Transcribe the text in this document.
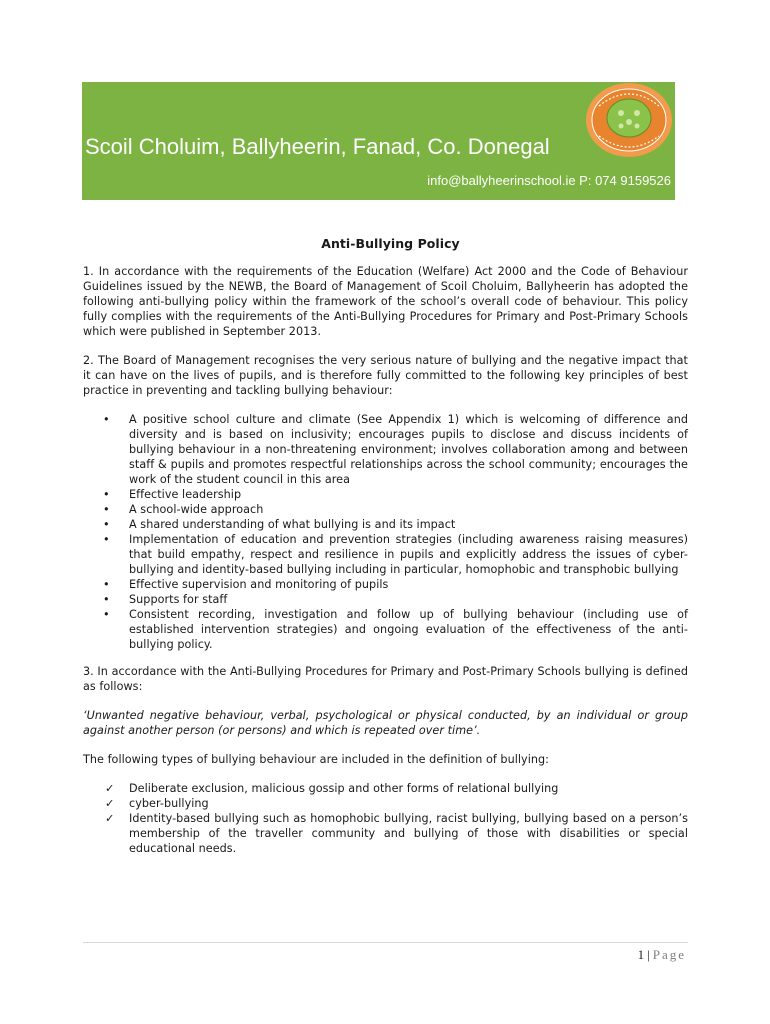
Scoil Choluim, Ballyheerin, Fanad, Co. Donegal
info@ballyheerinschool.ie P: 074 9159526
Anti-Bullying Policy

1. In accordance with the requirements of the Education (Welfare) Act 2000 and the Code of Behaviour Guidelines issued by the NEWB, the Board of Management of Scoil Choluim, Ballyheerin has adopted the following anti-bullying policy within the framework of the school’s overall code of behaviour. This policy fully complies with the requirements of the Anti-Bullying Procedures for Primary and Post-Primary Schools which were published in September 2013.

2. The Board of Management recognises the very serious nature of bullying and the negative impact that it can have on the lives of pupils, and is therefore fully committed to the following key principles of best practice in preventing and tackling bullying behaviour:

• A positive school culture and climate (See Appendix 1) which is welcoming of difference and diversity and is based on inclusivity; encourages pupils to disclose and discuss incidents of bullying behaviour in a non-threatening environment; involves collaboration among and between staff & pupils and promotes respectful relationships across the school community; encourages the work of the student council in this area
• Effective leadership
• A school-wide approach
• A shared understanding of what bullying is and its impact
• Implementation of education and prevention strategies (including awareness raising measures) that build empathy, respect and resilience in pupils and explicitly address the issues of cyber-bullying and identity-based bullying including in particular, homophobic and transphobic bullying
• Effective supervision and monitoring of pupils
• Supports for staff
• Consistent recording, investigation and follow up of bullying behaviour (including use of established intervention strategies) and ongoing evaluation of the effectiveness of the anti-bullying policy.

3. In accordance with the Anti-Bullying Procedures for Primary and Post-Primary Schools bullying is defined as follows:

‘Unwanted negative behaviour, verbal, psychological or physical conducted, by an individual or group against another person (or persons) and which is repeated over time’.

The following types of bullying behaviour are included in the definition of bullying:

✓ Deliberate exclusion, malicious gossip and other forms of relational bullying
✓ cyber-bullying
✓ Identity-based bullying such as homophobic bullying, racist bullying, bullying based on a person’s membership of the traveller community and bullying of those with disabilities or special educational needs.
1 | Page
